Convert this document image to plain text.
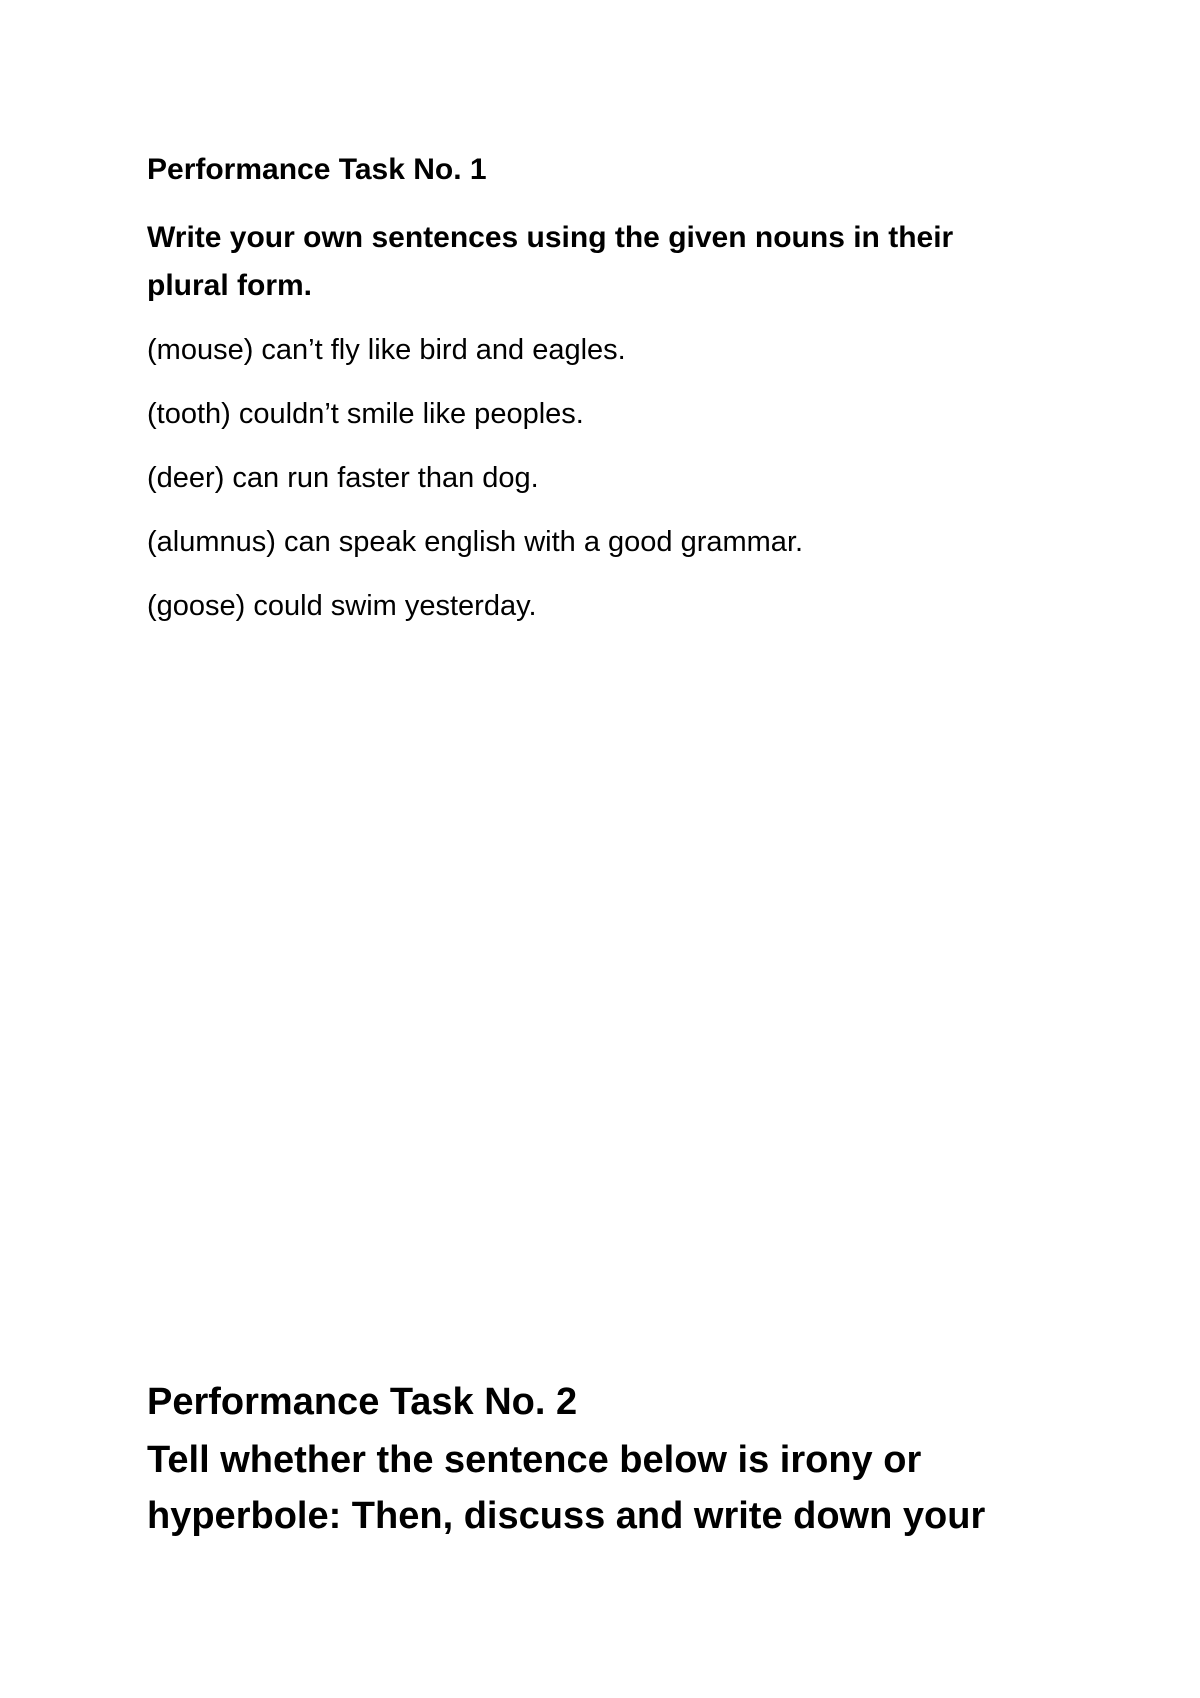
Performance Task No. 1
Write your own sentences using the given nouns in their plural form.
(mouse) can’t fly like bird and eagles.
(tooth) couldn’t smile like peoples.
(deer) can run faster than dog.
(alumnus) can speak english with a good grammar.
(goose) could swim yesterday.
Performance Task No. 2
Tell whether the sentence below is irony or hyperbole: Then, discuss and write down your
